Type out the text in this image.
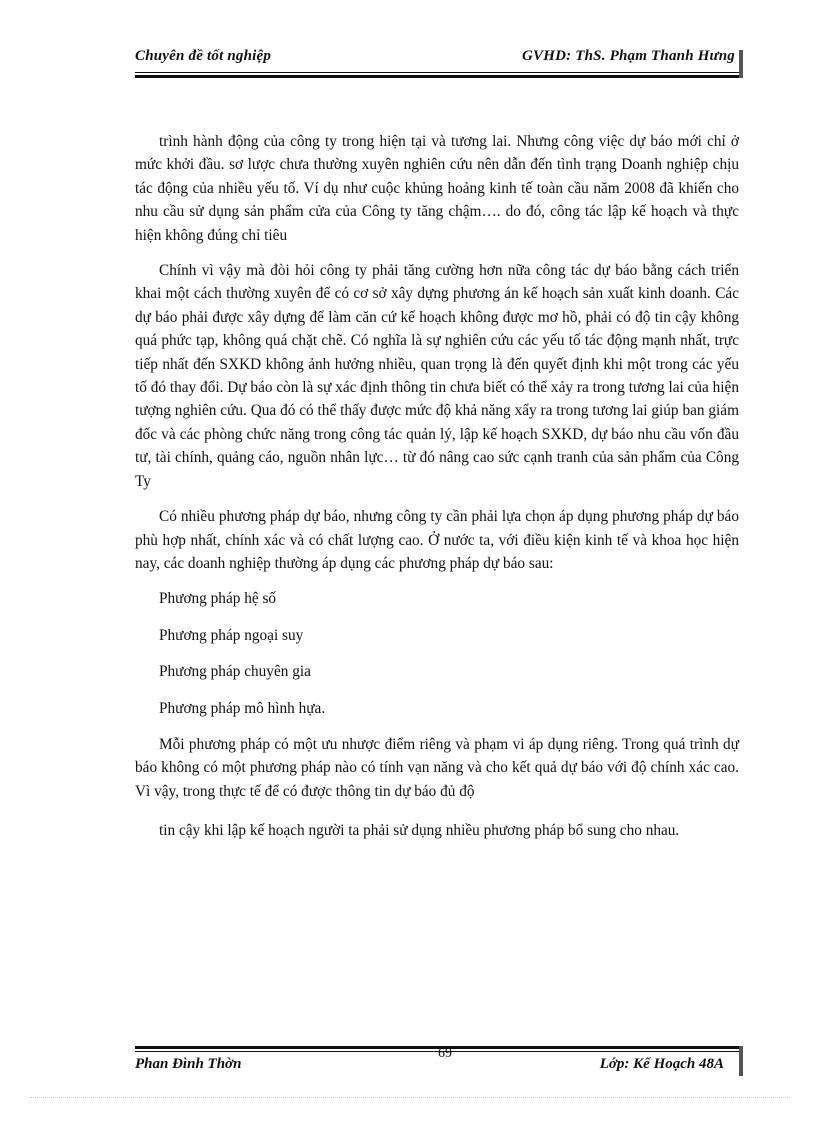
Chuyên đề tốt nghiệp	GVHD: ThS. Phạm Thanh Hưng

trình hành động của công ty trong hiện tại và tương lai. Nhưng công việc dự báo mới chỉ ở mức khởi đầu. sơ lược chưa thường xuyên nghiên cứu nên dẫn đến tình trạng Doanh nghiệp chịu tác động của nhiều yếu tố. Ví dụ như cuộc khủng hoảng kinh tế toàn cầu năm 2008 đã khiến cho nhu cầu sử dụng sản phẩm cửa của Công ty tăng chậm…. do đó, công tác lập kế hoạch và thực hiện không đúng chỉ tiêu

Chính vì vậy mà đòi hỏi công ty phải tăng cường hơn nữa công tác dự báo bằng cách triển khai một cách thường xuyên để có cơ sở xây dựng phương án kế hoạch sản xuất kinh doanh. Các dự báo phải được xây dựng để làm căn cứ kế hoạch không được mơ hồ, phải có độ tin cậy không quá phức tạp, không quá chặt chẽ. Có nghĩa là sự nghiên cứu các yếu tố tác động mạnh nhất, trực tiếp nhất đến SXKD không ảnh hưởng nhiều, quan trọng là đến quyết định khi một trong các yếu tố đó thay đổi. Dự báo còn là sự xác định thông tin chưa biết có thể xảy ra trong tương lai của hiện tượng nghiên cứu. Qua đó có thể thấy được mức độ khả năng xẩy ra trong tương lai giúp ban giám đốc và các phòng chức năng trong công tác quản lý, lập kế hoạch SXKD, dự báo nhu cầu vốn đầu tư, tài chính, quảng cáo, nguồn nhân lực… từ đó nâng cao sức cạnh tranh của sản phẩm của Công Ty

Có nhiều phương pháp dự báo, nhưng công ty cần phải lựa chọn áp dụng phương pháp dự báo phù hợp nhất, chính xác và có chất lượng cao. Ở nước ta, với điều kiện kinh tế và khoa học hiện nay, các doanh nghiệp thường áp dụng các phương pháp dự báo sau:

Phương pháp hệ số

Phương pháp ngoại suy

Phương pháp chuyên gia

Phương pháp mô hình hựa.

Mỗi phương pháp có một ưu nhược điểm riêng và phạm vi áp dụng riêng. Trong quá trình dự báo không có một phương pháp nào có tính vạn năng và cho kết quả dự báo với độ chính xác cao. Vì vậy, trong thực tế để có được thông tin dự báo đủ độ

tin cậy khi lập kế hoạch người ta phải sử dụng nhiều phương pháp bổ sung cho nhau.

69
Phan Đình Thờn	Lớp: Kế Hoạch 48A
